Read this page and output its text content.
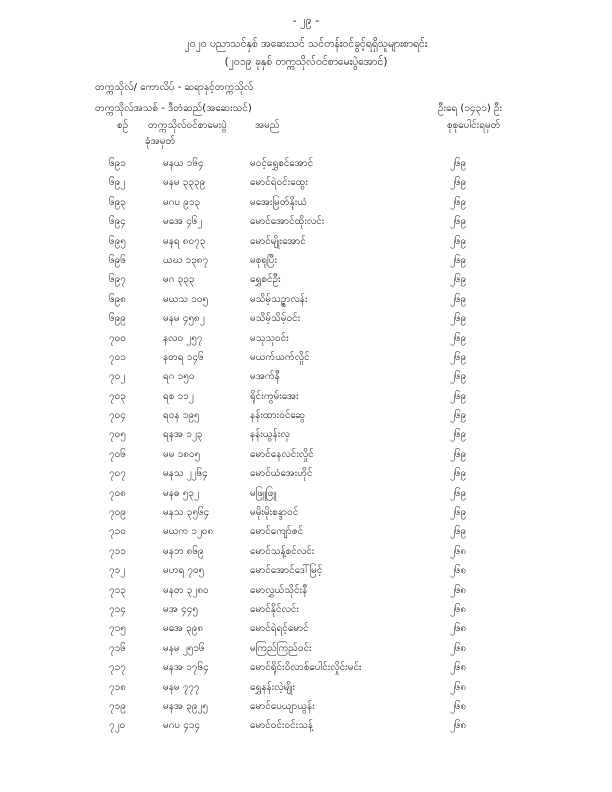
- ၂၉ -
၂၀၂၀ ပညာသင်နှစ် အဆေးသင် သင်တန်းဝင်ခွင့်ရရှိသူများစာရင်း
(၂၀၁၉ ခုနှစ် တက္ကသိုလ်ဝင်စာမေးပွဲအောင်)
တက္ကသိုလ်/ ကောလိပ် - ဆရာနှင့်တက္ကသိုလ်
တက္ကသိုလ်အသစ် - ဒီတံဆည်(အဆေးသင်)	ဦးရေ (၁၄၃၁) ဦး
စဉ် တက္ကသိုလ်ဝင်စာမေးပွဲ
ခုံအမှတ်
အမည်	စုစုပေါင်းရမှတ်
၆၉၁	မနယ ၁၆၄	မဝင့်ရွှေစင်အောင်	၂၆၉
၆၉၂	မနမ ၃၃၃၉	မောင်ရဲဝင်းထွေး	၂၆၉
၆၉၃	မဂပ ၉၁၃	မအေးမြတ်နိုးယံ	၂၆၉
၆၉၄	မအေ ၄၆၂	မောင်အောင်ထိုးလင်း	၂၆၉
၆၉၅	မနရ ၈၀၇၃	မောင်မျိုးအောင်	၂၆၉
၆၉၆	ယဃ ၁၃၈၇	မစုရုပြီး	၂၆၉
၆၉၇	မဂ ၃၃၃	ရွှေစင်ဦး	၂၆၉
၆၉၈	မယသ ၁၀၅	မသိမ့်သဉ္ဇာလန်း	၂၆၉
၆၉၉	မနမ ၄၅၈၂	မသိမ့်သိမ့်ဝင်း	၂၆၉
၇၀၀	နလဝ ၂၅၇	မသုသုဝင်း	၂၆၉
၇၀၁	နတရ ၁၄၆	မယက်ယက်လှိုင်	၂၆၉
၇၀၂	ရဂ ၁၅၀	မအက်နီ	၂၆၉
၇၀၃	ရစ ၁၁၂	ရိုင်းကွမ်းအေး	၂၆၉
၇၀၄	ရဝန ၁၉၅	နန်းထားဝင်ဆွေ	၂၆၉
၇၀၅	ရနအ ၁၂၃	နန်းယွန်းလှ	၂၆၉
၇၀၆	မမ ၁၈၀၅	မောင်နေလင်းလှိုင်	၂၆၉
၇၀၇	မနသ ၂၂၆၄	မောင်ယံအေးဟိုင်	၂၆၉
၇၀၈	မနဓ ၅၃၂	မဖြူဖြူ	၂၆၉
၇၀၉	မနသ ၃၅၆၄	မမိုးမိုးစန္ဒာဝင်	၂၆၉
၇၁၀	မယက ၁၂၀၈	မောင်ကျော်ဇင်	၂၆၉
၇၁၁	မနဘ ၈၆၉	မောင်သန့်စင်လင်း	၂၆၈
၇၁၂	မဟရ ၇၀၅	မောင်အောင်ဒေါ်မြင့်	၂၆၈
၇၁၃	မနတ ၃၂၈၀	မောလွှယ်သိုင်းနီ	၂၆၈
၇၁၄	မအ ၄၄၅	မောင်နိုင်လင်း	၂၆၈
၇၁၅	မအေ ၃၉၈	မောင်ရဲရင့်မောင်	၂၆၈
၇၁၆	မနမ ၂၅၁၆	မကြည်ကြည်ဝင်း	၂၆၈
၇၁၇	မနအ ၁၇၆၄	မောင်ရိုင်းဝိလာစ်ပေါင်းလှိုင်းမင်း	၂၆၈
၇၁၈	မနမ ၇၇၇	ရွှေနန်းလဲ့မျိုး	၂၆၈
၇၁၉	မနအ ၃၉၂၅	မောင်ပေယျာယွန်း	၂၆၈
၇၂၀	မဂပ ၄၁၄	မောင်ဝင်းဝင်းသန့်	၂၆၈
